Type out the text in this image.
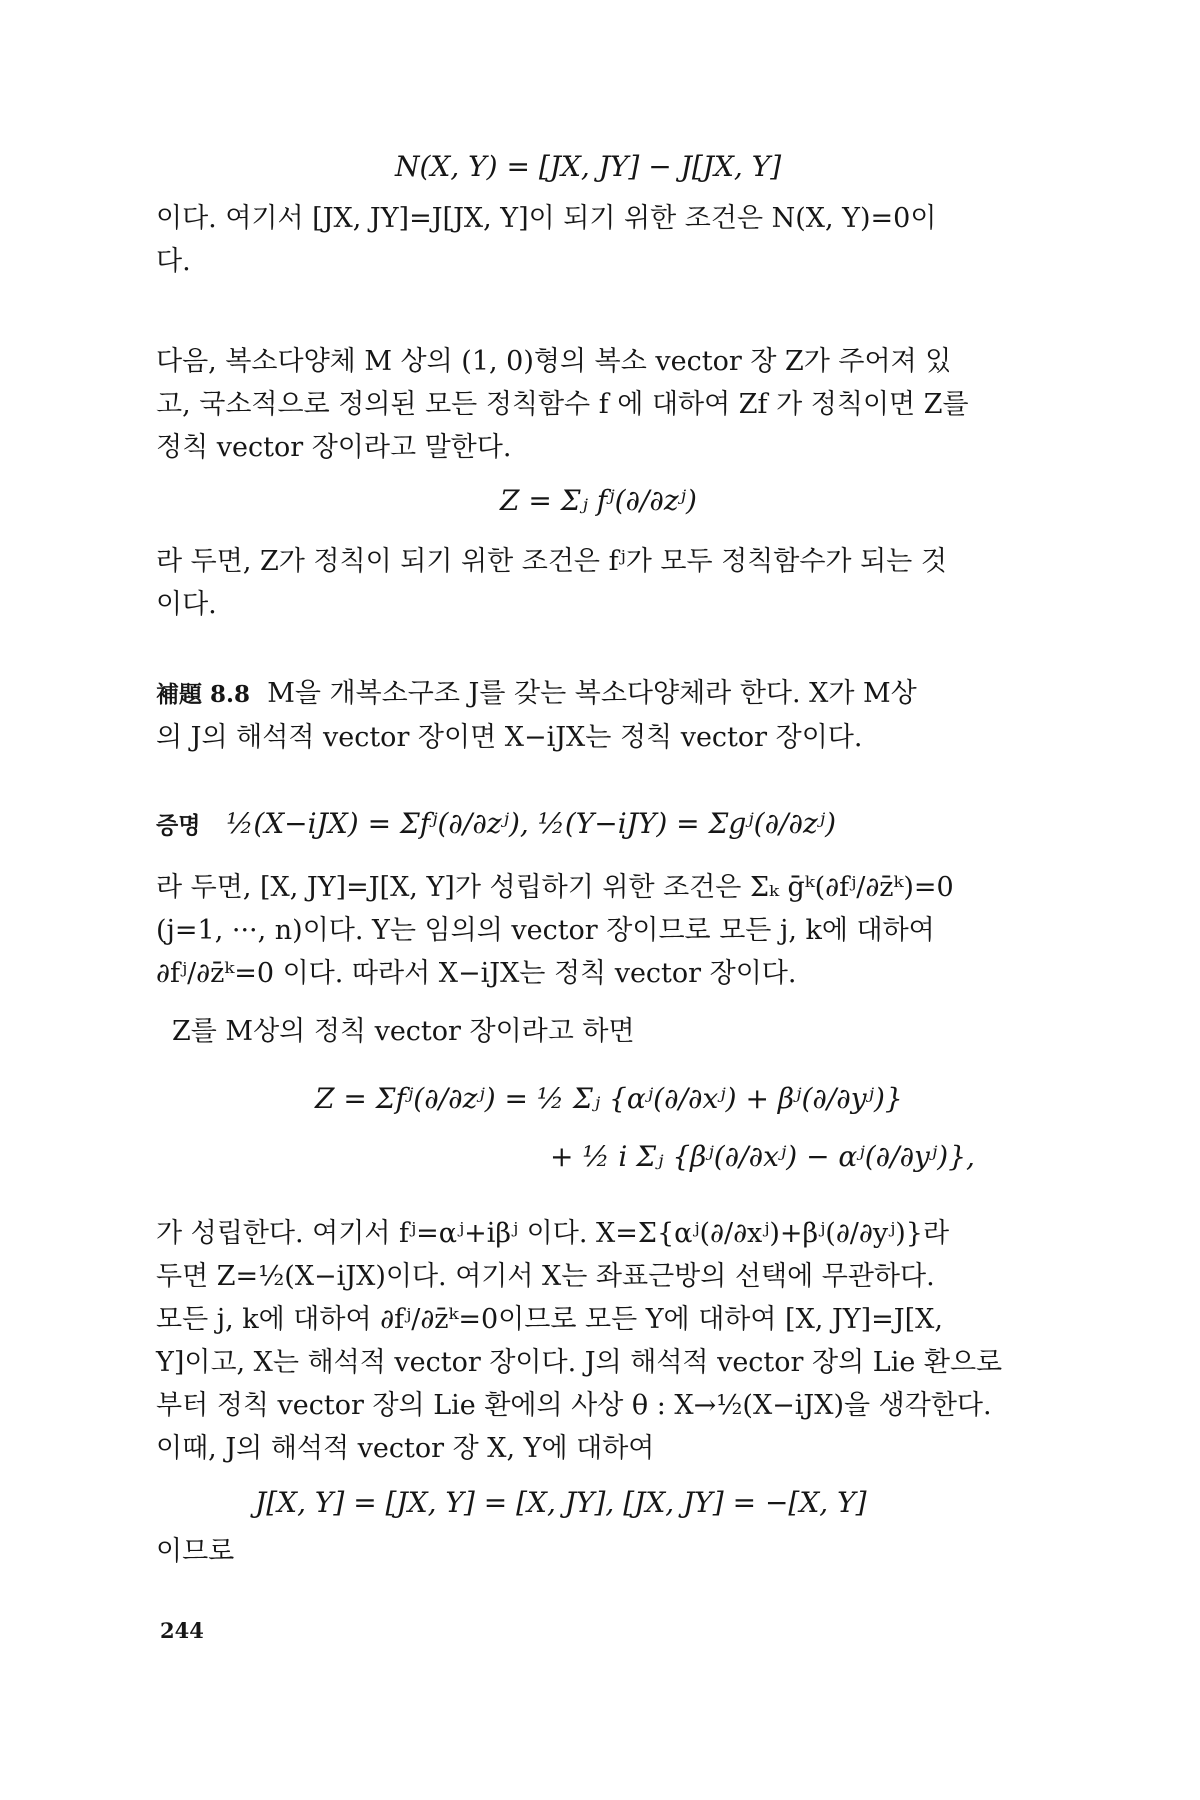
N(X, Y) = [JX, JY] − J[JX, Y]
이다. 여기서 [JX, JY]=J[JX, Y]이 되기 위한 조건은 N(X, Y)=0이
다.
다음, 복소다양체 M 상의 (1, 0)형의 복소 vector 장 Z가 주어져 있
고, 국소적으로 정의된 모든 정칙함수 f 에 대하여 Zf 가 정칙이면 Z를
정칙 vector 장이라고 말한다.
Z = Σⱼ fʲ(∂/∂zʲ)
라 두면, Z가 정칙이 되기 위한 조건은 fʲ가 모두 정칙함수가 되는 것
이다.
補題 8.8 M을 개복소구조 J를 갖는 복소다양체라 한다. X가 M상
의 J의 해석적 vector 장이면 X−iJX는 정칙 vector 장이다.
증명 ½(X−iJX) = Σfʲ(∂/∂zʲ), ½(Y−iJY) = Σgʲ(∂/∂zʲ)
라 두면, [X, JY]=J[X, Y]가 성립하기 위한 조건은 Σₖ ḡᵏ(∂fʲ/∂z̄ᵏ)=0
(j=1, ···, n)이다. Y는 임의의 vector 장이므로 모든 j, k에 대하여
∂fʲ/∂z̄ᵏ=0 이다. 따라서 X−iJX는 정칙 vector 장이다.
Z를 M상의 정칙 vector 장이라고 하면
Z = Σfʲ(∂/∂zʲ) = ½ Σⱼ {αʲ(∂/∂xʲ) + βʲ(∂/∂yʲ)}
+ ½ i Σⱼ {βʲ(∂/∂xʲ) − αʲ(∂/∂yʲ)},
가 성립한다. 여기서 fʲ=αʲ+iβʲ 이다. X=Σ{αʲ(∂/∂xʲ)+βʲ(∂/∂yʲ)}라
두면 Z=½(X−iJX)이다. 여기서 X는 좌표근방의 선택에 무관하다.
모든 j, k에 대하여 ∂fʲ/∂z̄ᵏ=0이므로 모든 Y에 대하여 [X, JY]=J[X,
Y]이고, X는 해석적 vector 장이다. J의 해석적 vector 장의 Lie 환으로
부터 정칙 vector 장의 Lie 환에의 사상 θ : X→½(X−iJX)을 생각한다.
이때, J의 해석적 vector 장 X, Y에 대하여
J[X, Y] = [JX, Y] = [X, JY], [JX, JY] = −[X, Y]
이므로
244
